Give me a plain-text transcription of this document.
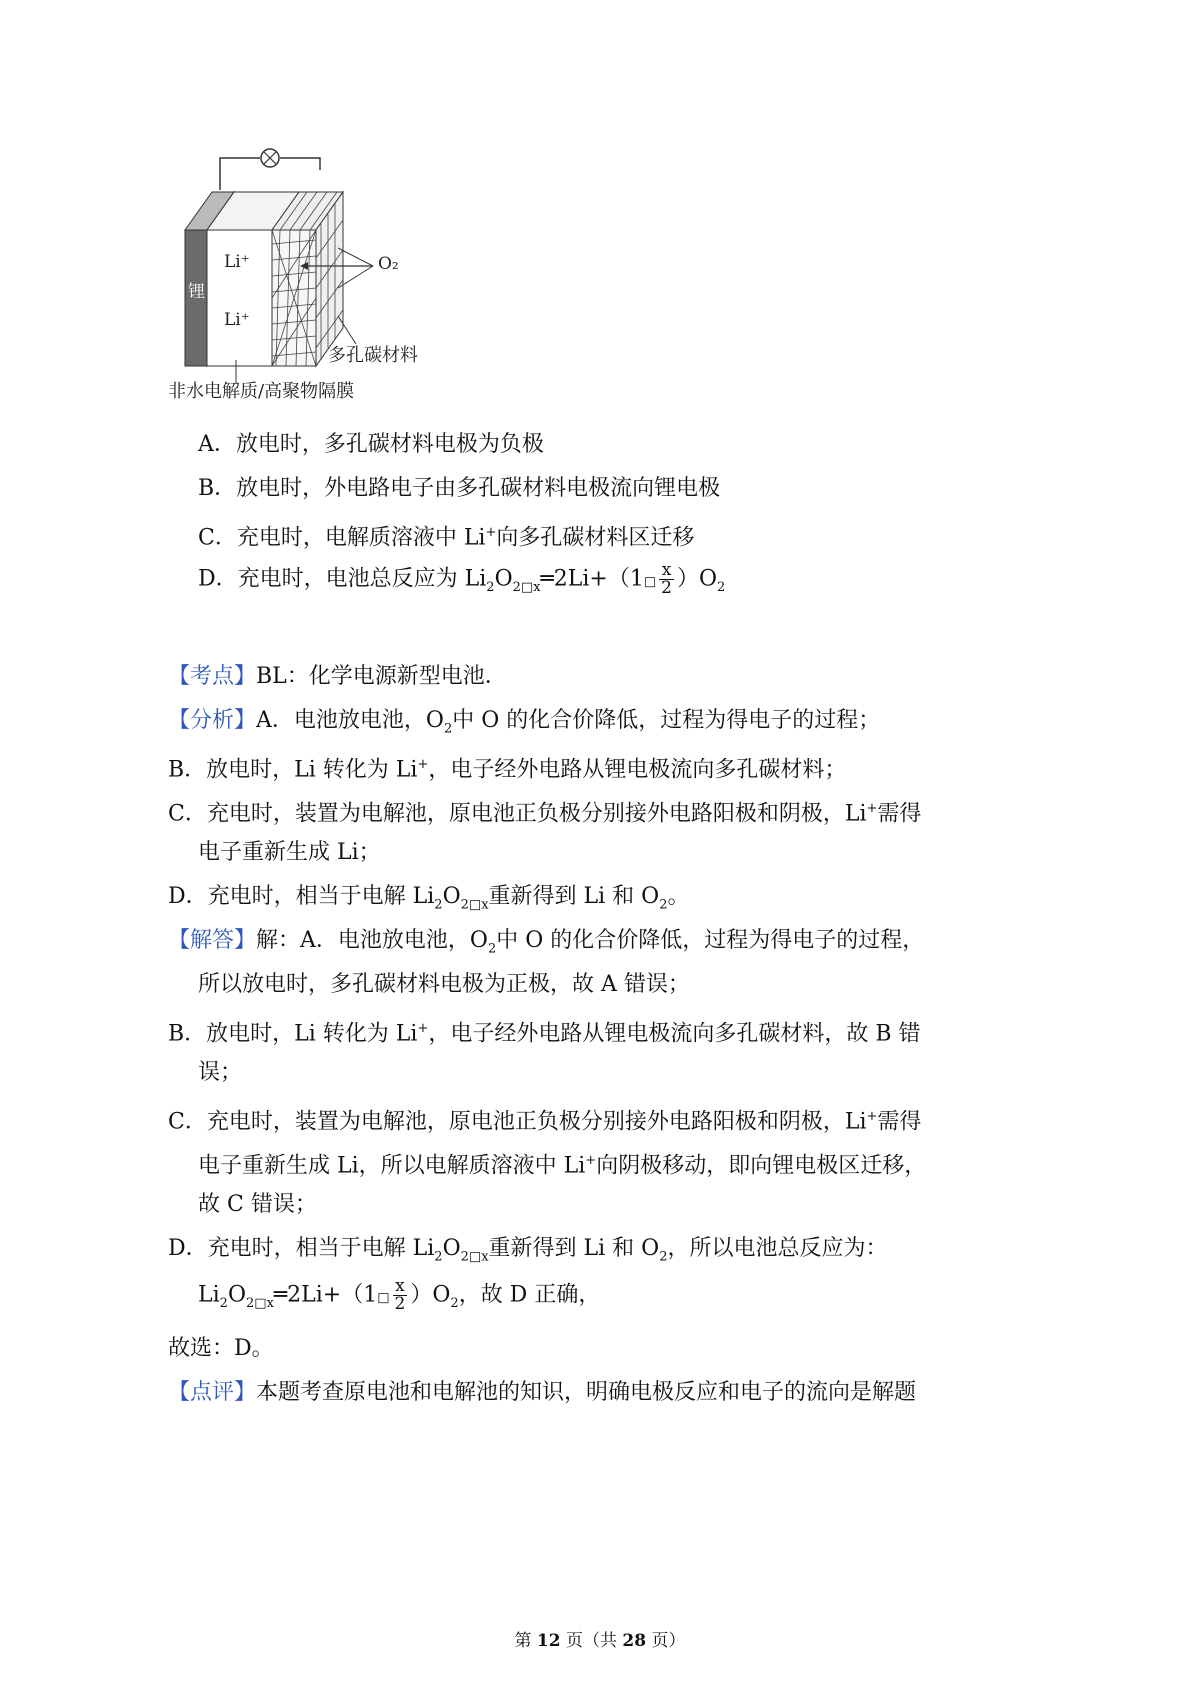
Li⁺
Li⁺
锂
O₂
多孔碳材料
非水电解质/高聚物隔膜
A．放电时，多孔碳材料电极为负极
B．放电时，外电路电子由多孔碳材料电极流向锂电极
C．充电时，电解质溶液中 Li+向多孔碳材料区迁移
D．充电时，电池总反应为 $Li_2O_{2□x}═2Li+(1□ \frac{x}{2} )O_2$
【考点】BL：化学电源新型电池．
【分析】A．电池放电池，$O_2$中 O 的化合价降低，过程为得电子的过程；
B．放电时，Li 转化为 Li+，电子经外电路从锂电极流向多孔碳材料；
C．充电时，装置为电解池，原电池正负极分别接外电路阳极和阴极，Li+需得
电子重新生成 Li；
D．充电时，相当于电解 $Li_2O_{2□x}$重新得到 Li 和 $O_2$。
【解答】解：A．电池放电池，$O_2$中 O 的化合价降低，过程为得电子的过程，
所以放电时，多孔碳材料电极为正极，故 A 错误；
B．放电时，Li 转化为 Li+，电子经外电路从锂电极流向多孔碳材料，故 B 错
误；
C．充电时，装置为电解池，原电池正负极分别接外电路阳极和阴极，Li+需得
电子重新生成 Li，所以电解质溶液中 Li+向阴极移动，即向锂电极区迁移，
故 C 错误；
D．充电时，相当于电解 $Li_2O_{2□x}$重新得到 Li 和 $O_2$，所以电池总反应为：
$Li_2O_{2□x}═2Li+(1□ \frac{x}{2} )O_2$，故 D 正确，
故选：D。
【点评】本题考查原电池和电解池的知识，明确电极反应和电子的流向是解题
第 12 页（共 28 页）
